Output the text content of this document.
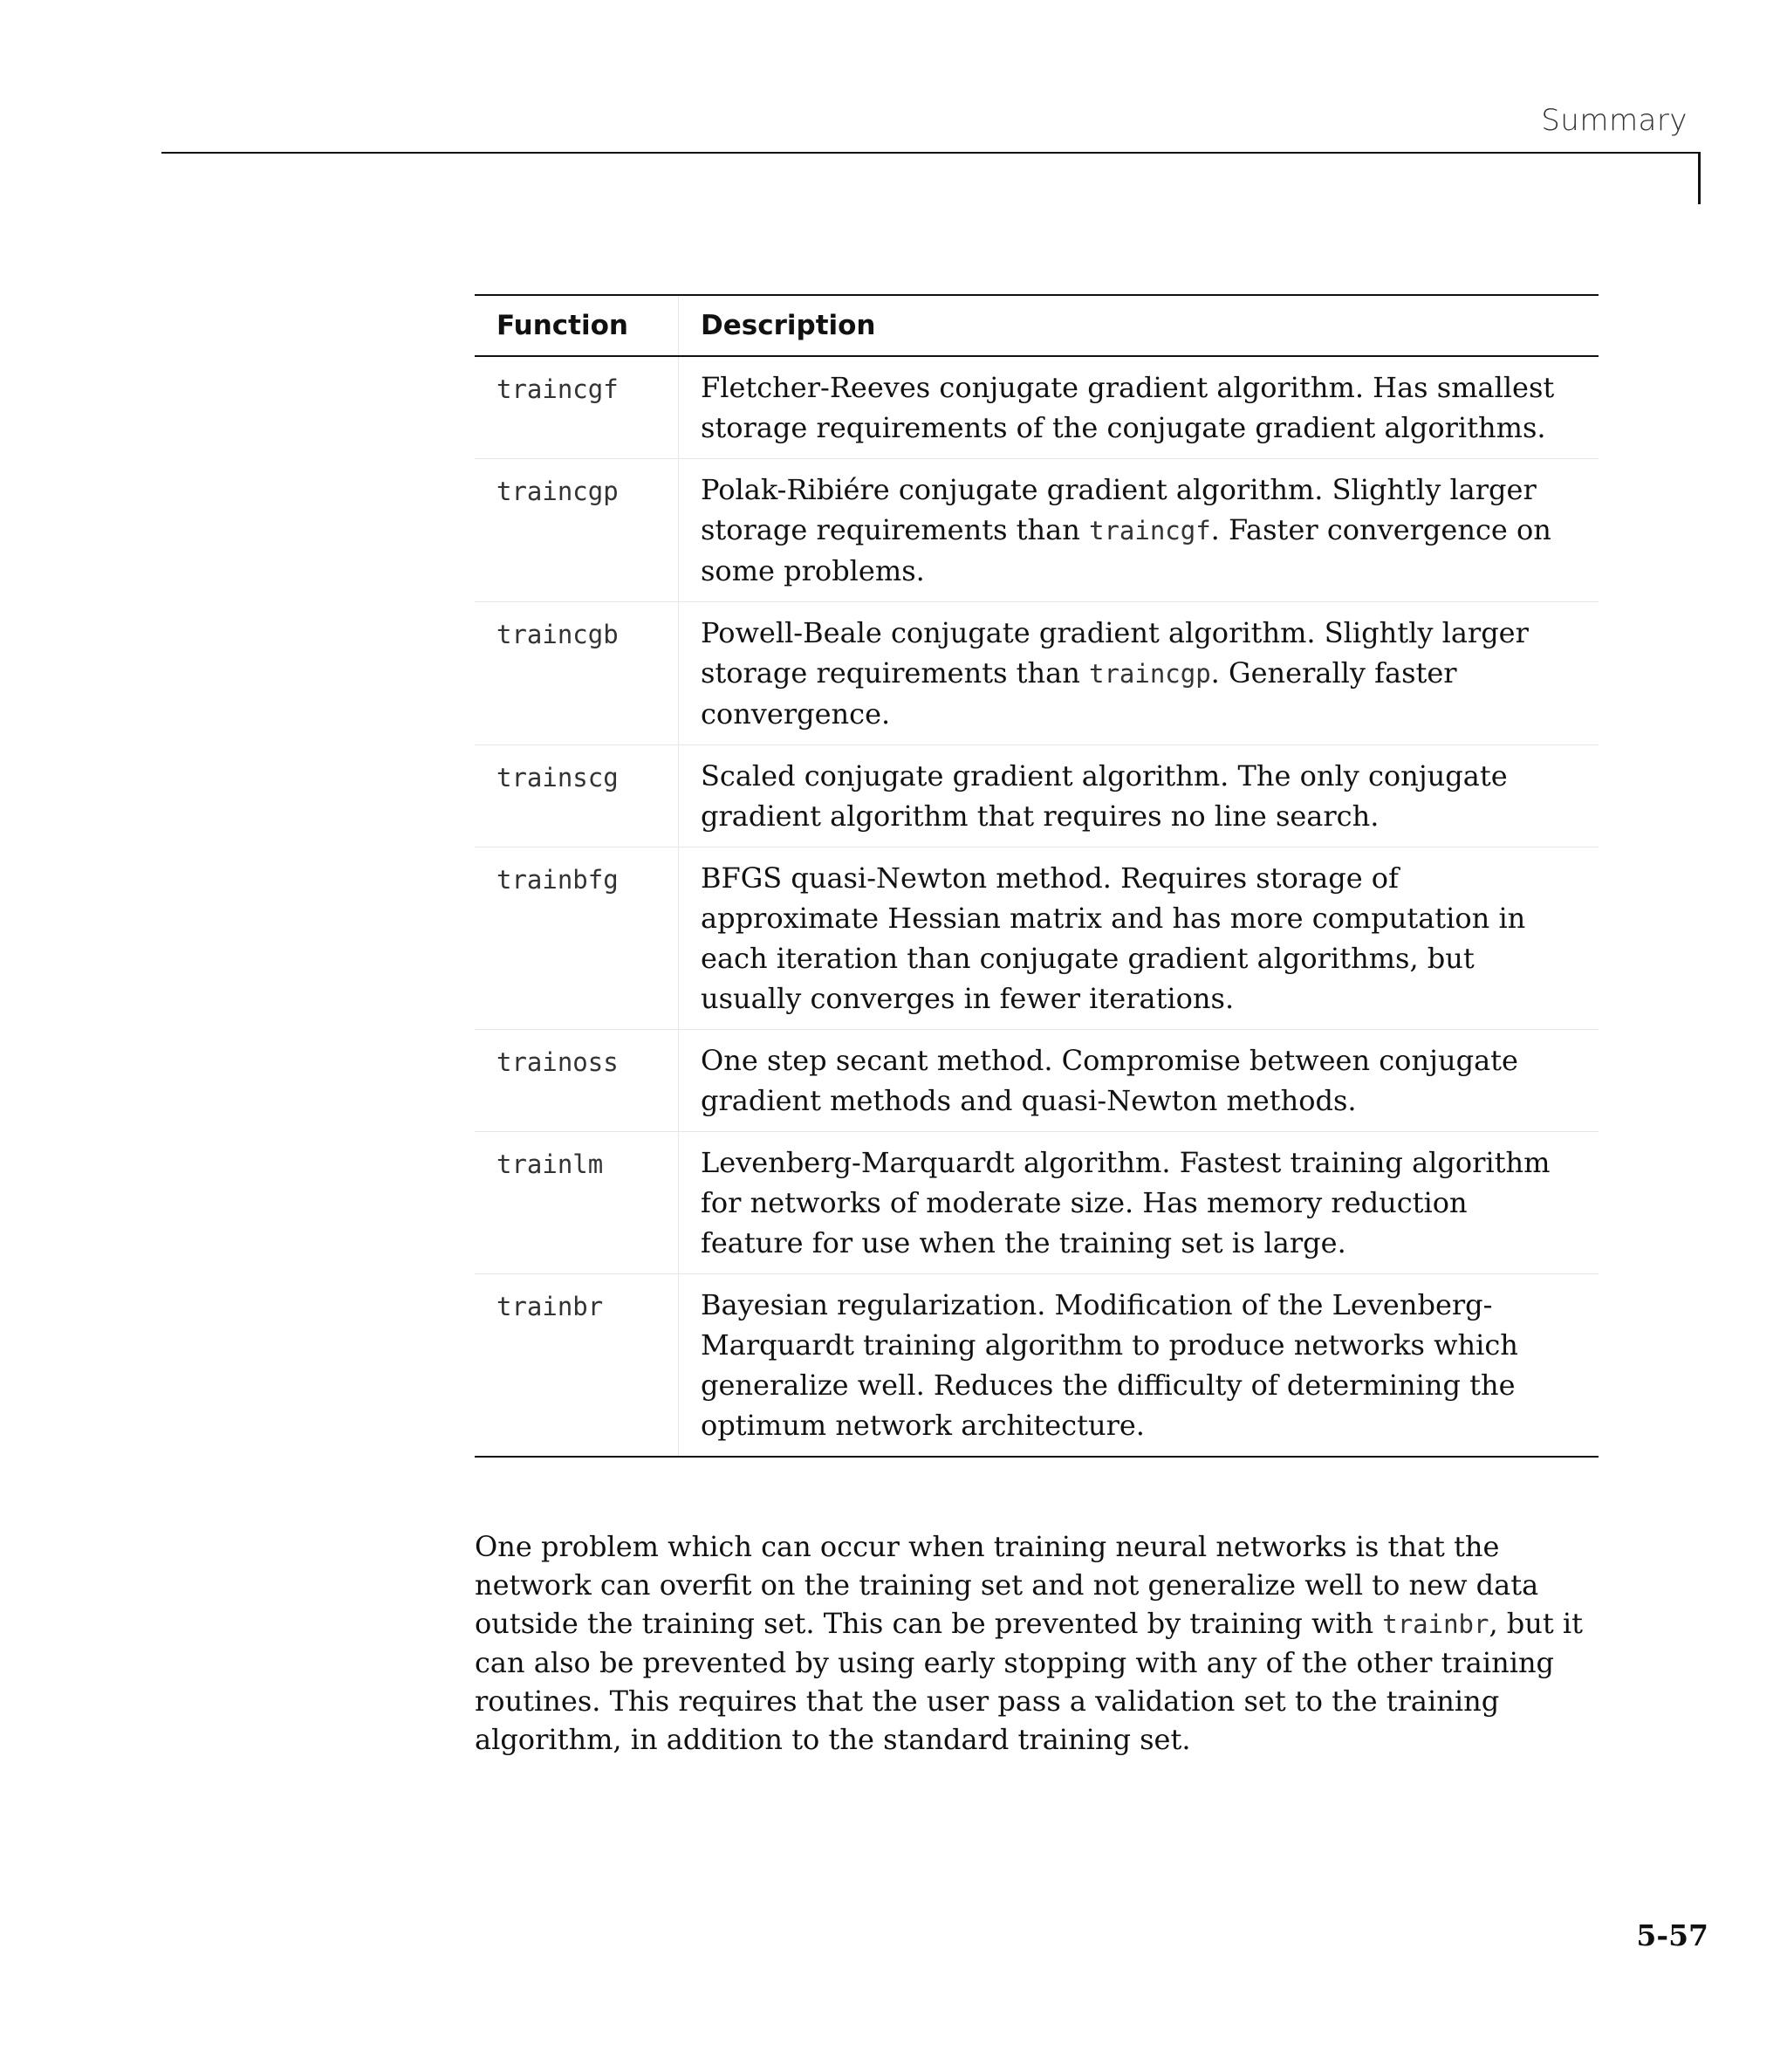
Summary
Function	Description
traincgf	Fletcher-Reeves conjugate gradient algorithm. Has smallest storage requirements of the conjugate gradient algorithms.
traincgp	Polak-Ribiére conjugate gradient algorithm. Slightly larger storage requirements than traincgf. Faster convergence on some problems.
traincgb	Powell-Beale conjugate gradient algorithm. Slightly larger storage requirements than traincgp. Generally faster convergence.
trainscg	Scaled conjugate gradient algorithm. The only conjugate gradient algorithm that requires no line search.
trainbfg	BFGS quasi-Newton method. Requires storage of approximate Hessian matrix and has more computation in each iteration than conjugate gradient algorithms, but usually converges in fewer iterations.
trainoss	One step secant method. Compromise between conjugate gradient methods and quasi-Newton methods.
trainlm	Levenberg-Marquardt algorithm. Fastest training algorithm for networks of moderate size. Has memory reduction feature for use when the training set is large.
trainbr	Bayesian regularization. Modification of the Levenberg-Marquardt training algorithm to produce networks which generalize well. Reduces the difficulty of determining the optimum network architecture.

One problem which can occur when training neural networks is that the network can overfit on the training set and not generalize well to new data outside the training set. This can be prevented by training with trainbr, but it can also be prevented by using early stopping with any of the other training routines. This requires that the user pass a validation set to the training algorithm, in addition to the standard training set.

5-57
